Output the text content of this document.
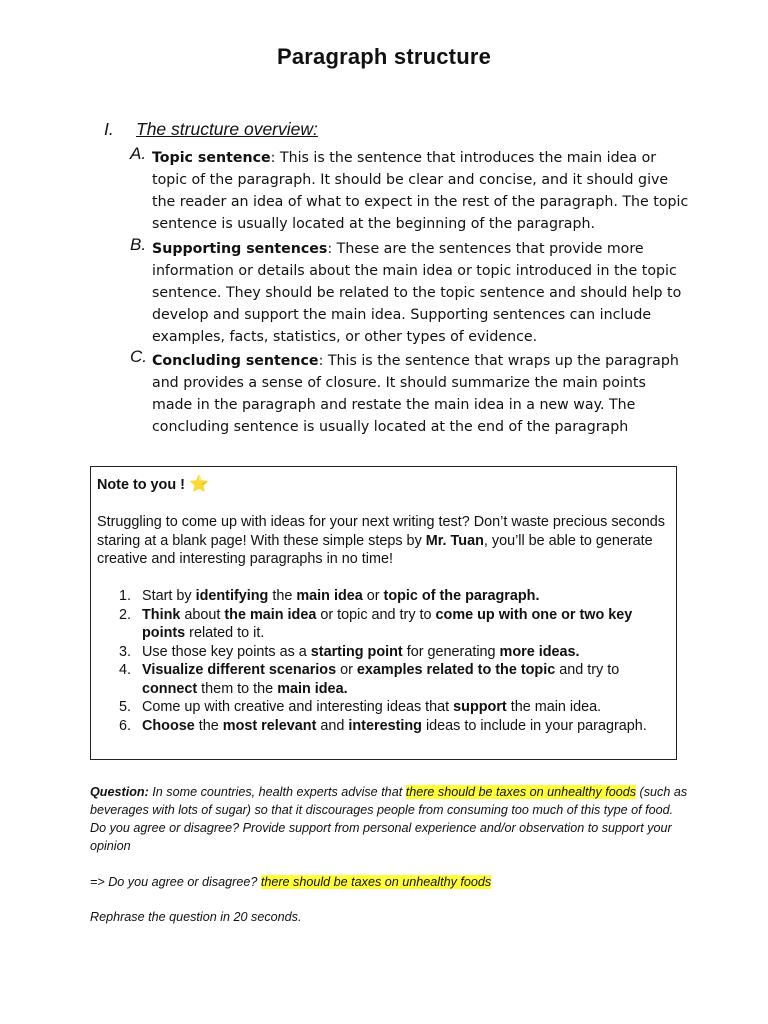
Paragraph structure
I. The structure overview:
A. Topic sentence: This is the sentence that introduces the main idea or topic of the paragraph. It should be clear and concise, and it should give the reader an idea of what to expect in the rest of the paragraph. The topic sentence is usually located at the beginning of the paragraph.
B. Supporting sentences: These are the sentences that provide more information or details about the main idea or topic introduced in the topic sentence. They should be related to the topic sentence and should help to develop and support the main idea. Supporting sentences can include examples, facts, statistics, or other types of evidence.
C. Concluding sentence: This is the sentence that wraps up the paragraph and provides a sense of closure. It should summarize the main points made in the paragraph and restate the main idea in a new way. The concluding sentence is usually located at the end of the paragraph
Note to you ! ⭐
Struggling to come up with ideas for your next writing test? Don’t waste precious seconds staring at a blank page! With these simple steps by Mr. Tuan, you’ll be able to generate creative and interesting paragraphs in no time!
1. Start by identifying the main idea or topic of the paragraph.
2. Think about the main idea or topic and try to come up with one or two key points related to it.
3. Use those key points as a starting point for generating more ideas.
4. Visualize different scenarios or examples related to the topic and try to connect them to the main idea.
5. Come up with creative and interesting ideas that support the main idea.
6. Choose the most relevant and interesting ideas to include in your paragraph.
Question: In some countries, health experts advise that there should be taxes on unhealthy foods (such as beverages with lots of sugar) so that it discourages people from consuming too much of this type of food. Do you agree or disagree? Provide support from personal experience and/or observation to support your opinion
=> Do you agree or disagree? there should be taxes on unhealthy foods
Rephrase the question in 20 seconds.
